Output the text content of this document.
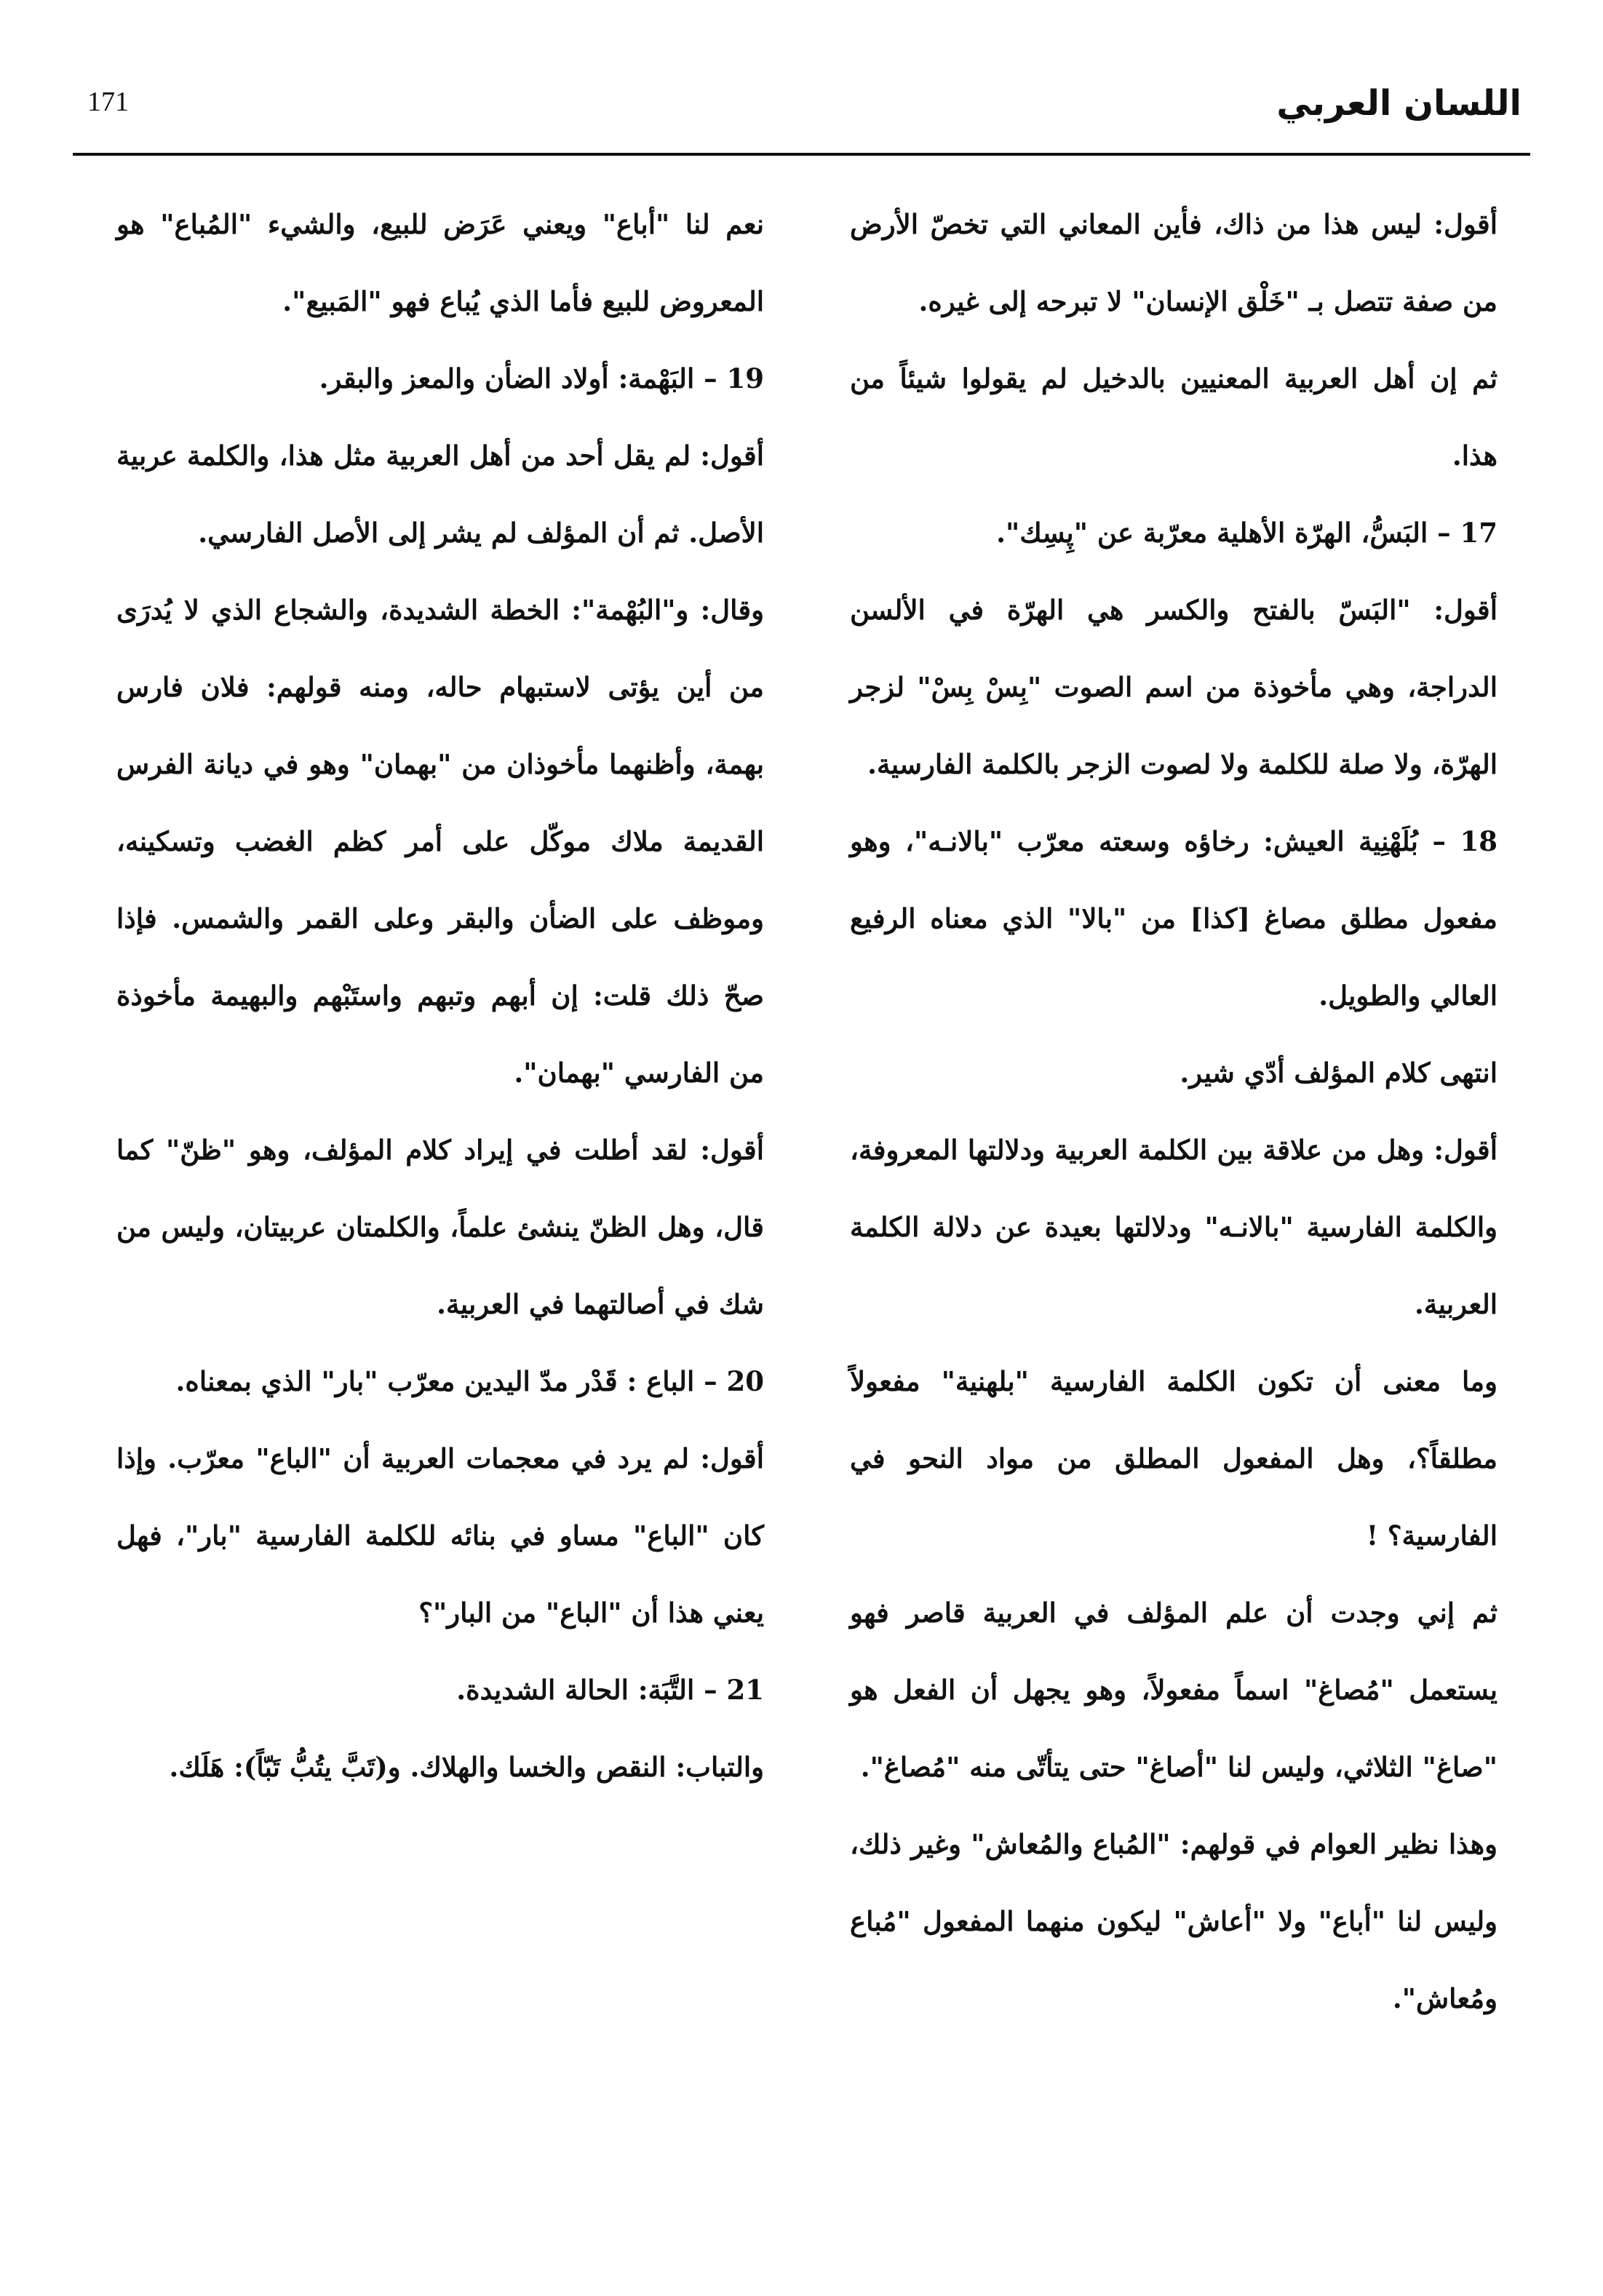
171	اللسان العربي

أقول: ليس هذا من ذاك، فأين المعاني التي تخصّ الأرض من صفة تتصل بـ "خَلْق الإنسان" لا تبرحه إلى غيره.

ثم إن أهل العربية المعنيين بالدخيل لم يقولوا شيئاً من هذا.

17 – البَسُّ، الهرّة الأهلية معرّبة عن "پِسِك".

أقول: "البَسّ بالفتح والكسر هي الهرّة في الألسن الدراجة، وهي مأخوذة من اسم الصوت "بِسْ بِسْ" لزجر الهرّة، ولا صلة للكلمة ولا لصوت الزجر بالكلمة الفارسية.

18 – بُلَهْنِية العيش: رخاؤه وسعته معرّب "بالانـه"، وهو مفعول مطلق مصاغ [كذا] من "بالا" الذي معناه الرفيع العالي والطويل.

انتهى كلام المؤلف أدّي شير.

أقول: وهل من علاقة بين الكلمة العربية ودلالتها المعروفة، والكلمة الفارسية "بالانـه" ودلالتها بعيدة عن دلالة الكلمة العربية.

وما معنى أن تكون الكلمة الفارسية "بلهنية" مفعولاً مطلقاً؟، وهل المفعول المطلق من مواد النحو في الفارسية؟ !

ثم إني وجدت أن علم المؤلف في العربية قاصر فهو يستعمل "مُصاغ" اسماً مفعولاً، وهو يجهل أن الفعل هو "صاغ" الثلاثي، وليس لنا "أصاغ" حتى يتأتّى منه "مُصاغ".

وهذا نظير العوام في قولهم: "المُباع والمُعاش" وغير ذلك، وليس لنا "أباع" ولا "أعاش" ليكون منهما المفعول "مُباع ومُعاش".

نعم لنا "أباع" ويعني عَرَض للبيع، والشيء "المُباع" هو المعروض للبيع فأما الذي يُباع فهو "المَبيع".

19 – البَهْمة: أولاد الضأن والمعز والبقر.

أقول: لم يقل أحد من أهل العربية مثل هذا، والكلمة عربية الأصل. ثم أن المؤلف لم يشر إلى الأصل الفارسي.

وقال: و"البُهْمة": الخطة الشديدة، والشجاع الذي لا يُدرَى من أين يؤتى لاستبهام حاله، ومنه قولهم: فلان فارس بهمة، وأظنهما مأخوذان من "بهمان" وهو في ديانة الفرس القديمة ملاك موكّل على أمر كظم الغضب وتسكينه، وموظف على الضأن والبقر وعلى القمر والشمس. فإذا صحّ ذلك قلت: إن أبهم وتبهم واستَبْهم والبهيمة مأخوذة من الفارسي "بهمان".

أقول: لقد أطلت في إيراد كلام المؤلف، وهو "ظنّ" كما قال، وهل الظنّ ينشئ علماً، والكلمتان عربيتان، وليس من شك في أصالتهما في العربية.

20 – الباع : قَدْر مدّ اليدين معرّب "بار" الذي بمعناه.

أقول: لم يرد في معجمات العربية أن "الباع" معرّب. وإذا كان "الباع" مساو في بنائه للكلمة الفارسية "بار"، فهل يعني هذا أن "الباع" من البار"؟

21 – التَّبَة: الحالة الشديدة.

والتباب: النقص والخسا والهلاك. و(تَبَّ يتُبُّ تَبّاً): هَلَك.
